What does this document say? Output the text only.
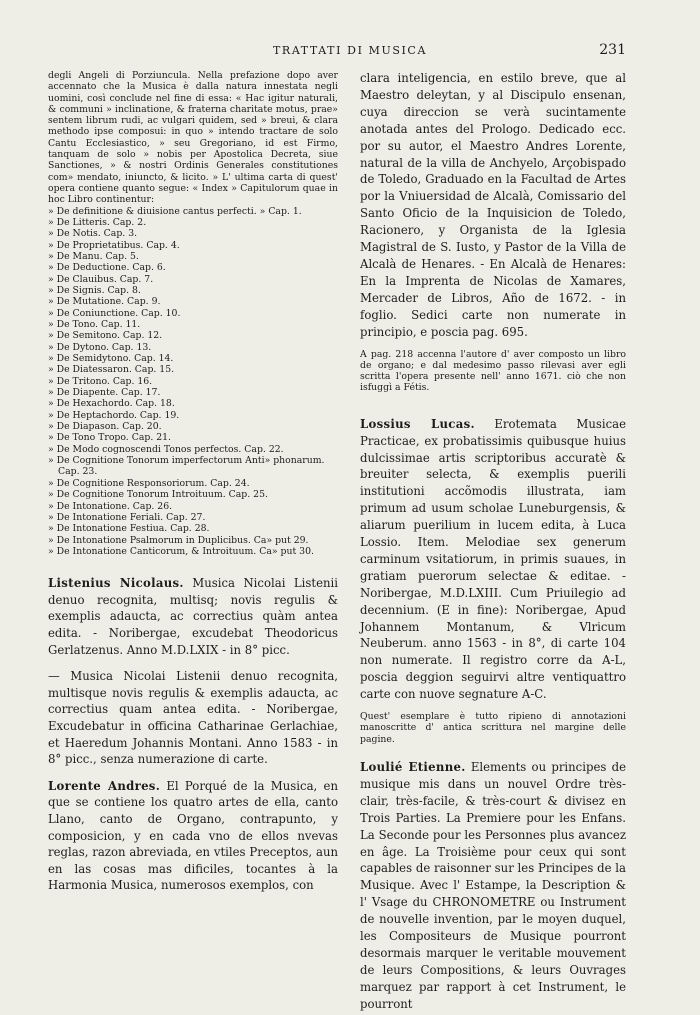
TRATTATI DI MUSICA	231

degli Angeli di Porziuncula. Nella prefazione dopo aver accennato che la Musica è dalla natura innestata negli uomini, così conclude nel fine di essa: « Hac igitur naturali, & communi » inclinatione, & fraterna charitate motus, prae» sentem librum rudi, ac vulgari quidem, sed » breui, & clara methodo ipse composui: in quo » intendo tractare de solo Cantu Ecclesiastico, » seu Gregoriano, id est Firmo, tanquam de solo » nobis per Apostolica Decreta, siue Sanctiones, » & nostri Ordinis Generales constitutiones com» mendato, iniuncto, & licito. » L' ultima carta di quest' opera contiene quanto segue: « Index » Capitulorum quae in hoc Libro continentur:

» De definitione & diuisione cantus perfecti. » Cap. 1.
» De Litteris. Cap. 2.
» De Notis. Cap. 3.
» De Proprietatibus. Cap. 4.
» De Manu. Cap. 5.
» De Deductione. Cap. 6.
» De Clauibus. Cap. 7.
» De Signis. Cap. 8.
» De Mutatione. Cap. 9.
» De Coniunctione. Cap. 10.
» De Tono. Cap. 11.
» De Semitono. Cap. 12.
» De Dytono. Cap. 13.
» De Semidytono. Cap. 14.
» De Diatessaron. Cap. 15.
» De Tritono. Cap. 16.
» De Diapente. Cap. 17.
» De Hexachordo. Cap. 18.
» De Heptachordo. Cap. 19.
» De Diapason. Cap. 20.
» De Tono Tropo. Cap. 21.
» De Modo cognoscendi Tonos perfectos. Cap. 22.
» De Cognitione Tonorum imperfectorum Anti» phonarum. Cap. 23.
» De Cognitione Responsoriorum. Cap. 24.
» De Cognitione Tonorum Introituum. Cap. 25.
» De Intonatione. Cap. 26.
» De Intonatione Feriali. Cap. 27.
» De Intonatione Festiua. Cap. 28.
» De Intonatione Psalmorum in Duplicibus. Ca» put 29.
» De Intonatione Canticorum, & Introituum. Ca» put 30.

Listenius Nicolaus. Musica Nicolai Listenii denuo recognita, multisq; novis regulis & exemplis adaucta, ac correctius quàm antea edita. - Noribergae, excudebat Theodoricus Gerlatzenus. Anno M.D.LXIX - in 8° picc.

— Musica Nicolai Listenii denuo recognita, multisque novis regulis & exemplis adaucta, ac correctius quam antea edita. - Noribergae, Excudebatur in officina Catharinae Gerlachiae, et Haeredum Johannis Montani. Anno 1583 - in 8° picc., senza numerazione di carte.

Lorente Andres. El Porqué de la Musica, en que se contiene los quatro artes de ella, canto Llano, canto de Organo, contrapunto, y composicion, y en cada vno de ellos nvevas reglas, razon abreviada, en vtiles Preceptos, aun en las cosas mas dificiles, tocantes à la Harmonia Musica, numerosos exemplos, con

clara inteligencia, en estilo breve, que al Maestro deleytan, y al Discipulo ensenan, cuya direccion se verà sucintamente anotada antes del Prologo. Dedicado ecc. por su autor, el Maestro Andres Lorente, natural de la villa de Anchyelo, Arçobispado de Toledo, Graduado en la Facultad de Artes por la Vniuersidad de Alcalà, Comissario del Santo Oficio de la Inquisicion de Toledo, Racionero, y Organista de la Iglesia Magistral de S. Iusto, y Pastor de la Villa de Alcalà de Henares. - En Alcalà de Henares: En la Imprenta de Nicolas de Xamares, Mercader de Libros, Año de 1672. - in foglio. Sedici carte non numerate in principio, e poscia pag. 695.

A pag. 218 accenna l'autore d' aver composto un libro de organo; e dal medesimo passo rilevasi aver egli scritta l'opera presente nell' anno 1671. ciò che non isfuggì a Fétis.

Lossius Lucas. Erotemata Musicae Practicae, ex probatissimis quibusque huius dulcissimae artis scriptoribus accuratè & breuiter selecta, & exemplis puerili institutioni accõmodis illustrata, iam primum ad usum scholae Luneburgensis, & aliarum puerilium in lucem edita, à Luca Lossio. Item. Melodiae sex generum carminum vsitatiorum, in primis suaues, in gratiam puerorum selectae & editae. - Noribergae, M.D.LXIII. Cum Priuilegio ad decennium. (E in fine): Noribergae, Apud Johannem Montanum, & Vlricum Neuberum. anno 1563 - in 8°, di carte 104 non numerate. Il registro corre da A-L, poscia deggion seguirvi altre ventiquattro carte con nuove segnature A-C.

Quest' esemplare è tutto ripieno di annotazioni manoscritte d' antica scrittura nel margine delle pagine.

Loulié Etienne. Elements ou principes de musique mis dans un nouvel Ordre très-clair, très-facile, & très-court & divisez en Trois Parties. La Premiere pour les Enfans. La Seconde pour les Personnes plus avancez en âge. La Troisième pour ceux qui sont capables de raisonner sur les Principes de la Musique. Avec l' Estampe, la Description & l' Vsage du CHRONOMETRE ou Instrument de nouvelle invention, par le moyen duquel, les Compositeurs de Musique pourront desormais marquer le veritable mouvement de leurs Compositions, & leurs Ouvrages marquez par rapport à cet Instrument, le pourront
